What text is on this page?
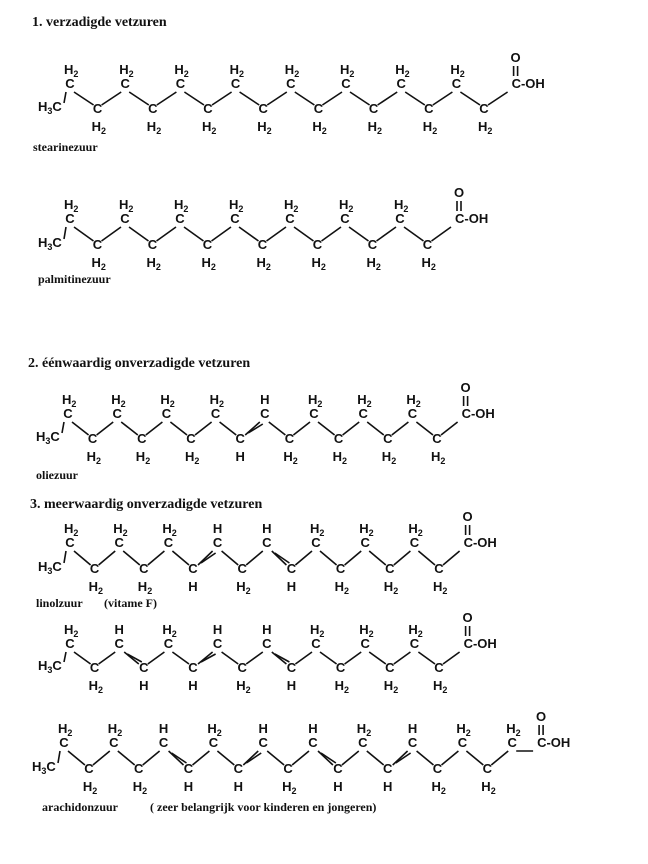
1. verzadigde vetzuren
stearinezuur
palmitinezuur
2. éénwaardig onverzadigde vetzuren
oliezuur
3. meerwaardig onverzadigde vetzuren
linolzuur (vitame F)
arachidonzuur	( zeer belangrijk voor kinderen en jongeren)
$H_3C$
C
$H_2$
C
$H_2$
C
$H_2$
C
$H_2$
C
$H_2$
C
$H_2$
C
$H_2$
C
$H_2$
C
$H_2$
C
$H_2$
C
$H_2$
C
$H_2$
C
$H_2$
C
$H_2$
C
$H_2$
C
$H_2$
C-OH
O
$H_3C$
C
$H_2$
C
$H_2$
C
$H_2$
C
$H_2$
C
$H_2$
C
$H_2$
C
$H_2$
C
$H_2$
C
$H_2$
C
$H_2$
C
$H_2$
C
$H_2$
C
$H_2$
C
$H_2$
C-OH
O
$H_3C$
C
$H_2$
C
$H_2$
C
$H_2$
C
$H_2$
C
$H_2$
C
$H_2$
C
$H_2$
C
H
C
H
C
$H_2$
C
$H_2$
C
$H_2$
C
$H_2$
C
$H_2$
C
$H_2$
C
$H_2$
C-OH
O
$H_3C$
C
$H_2$
C
$H_2$
C
$H_2$
C
$H_2$
C
$H_2$
C
H
C
H
C
$H_2$
C
H
C
H
C
$H_2$
C
$H_2$
C
$H_2$
C
$H_2$
C
$H_2$
C
$H_2$
C-OH
O
$H_3C$
C
$H_2$
C
$H_2$
C
H
C
H
C
$H_2$
C
H
C
H
C
$H_2$
C
H
C
H
C
$H_2$
C
$H_2$
C
$H_2$
C
$H_2$
C
$H_2$
C
$H_2$
C-OH
O
$H_3C$
C
$H_2$
C
$H_2$
C
$H_2$
C
$H_2$
C
H
C
H
C
$H_2$
C
H
C
H
C
$H_2$
C
H
C
H
C
$H_2$
C
H
C
H
C
$H_2$
C
$H_2$
C
$H_2$
C
$H_2$
C-OH
O
